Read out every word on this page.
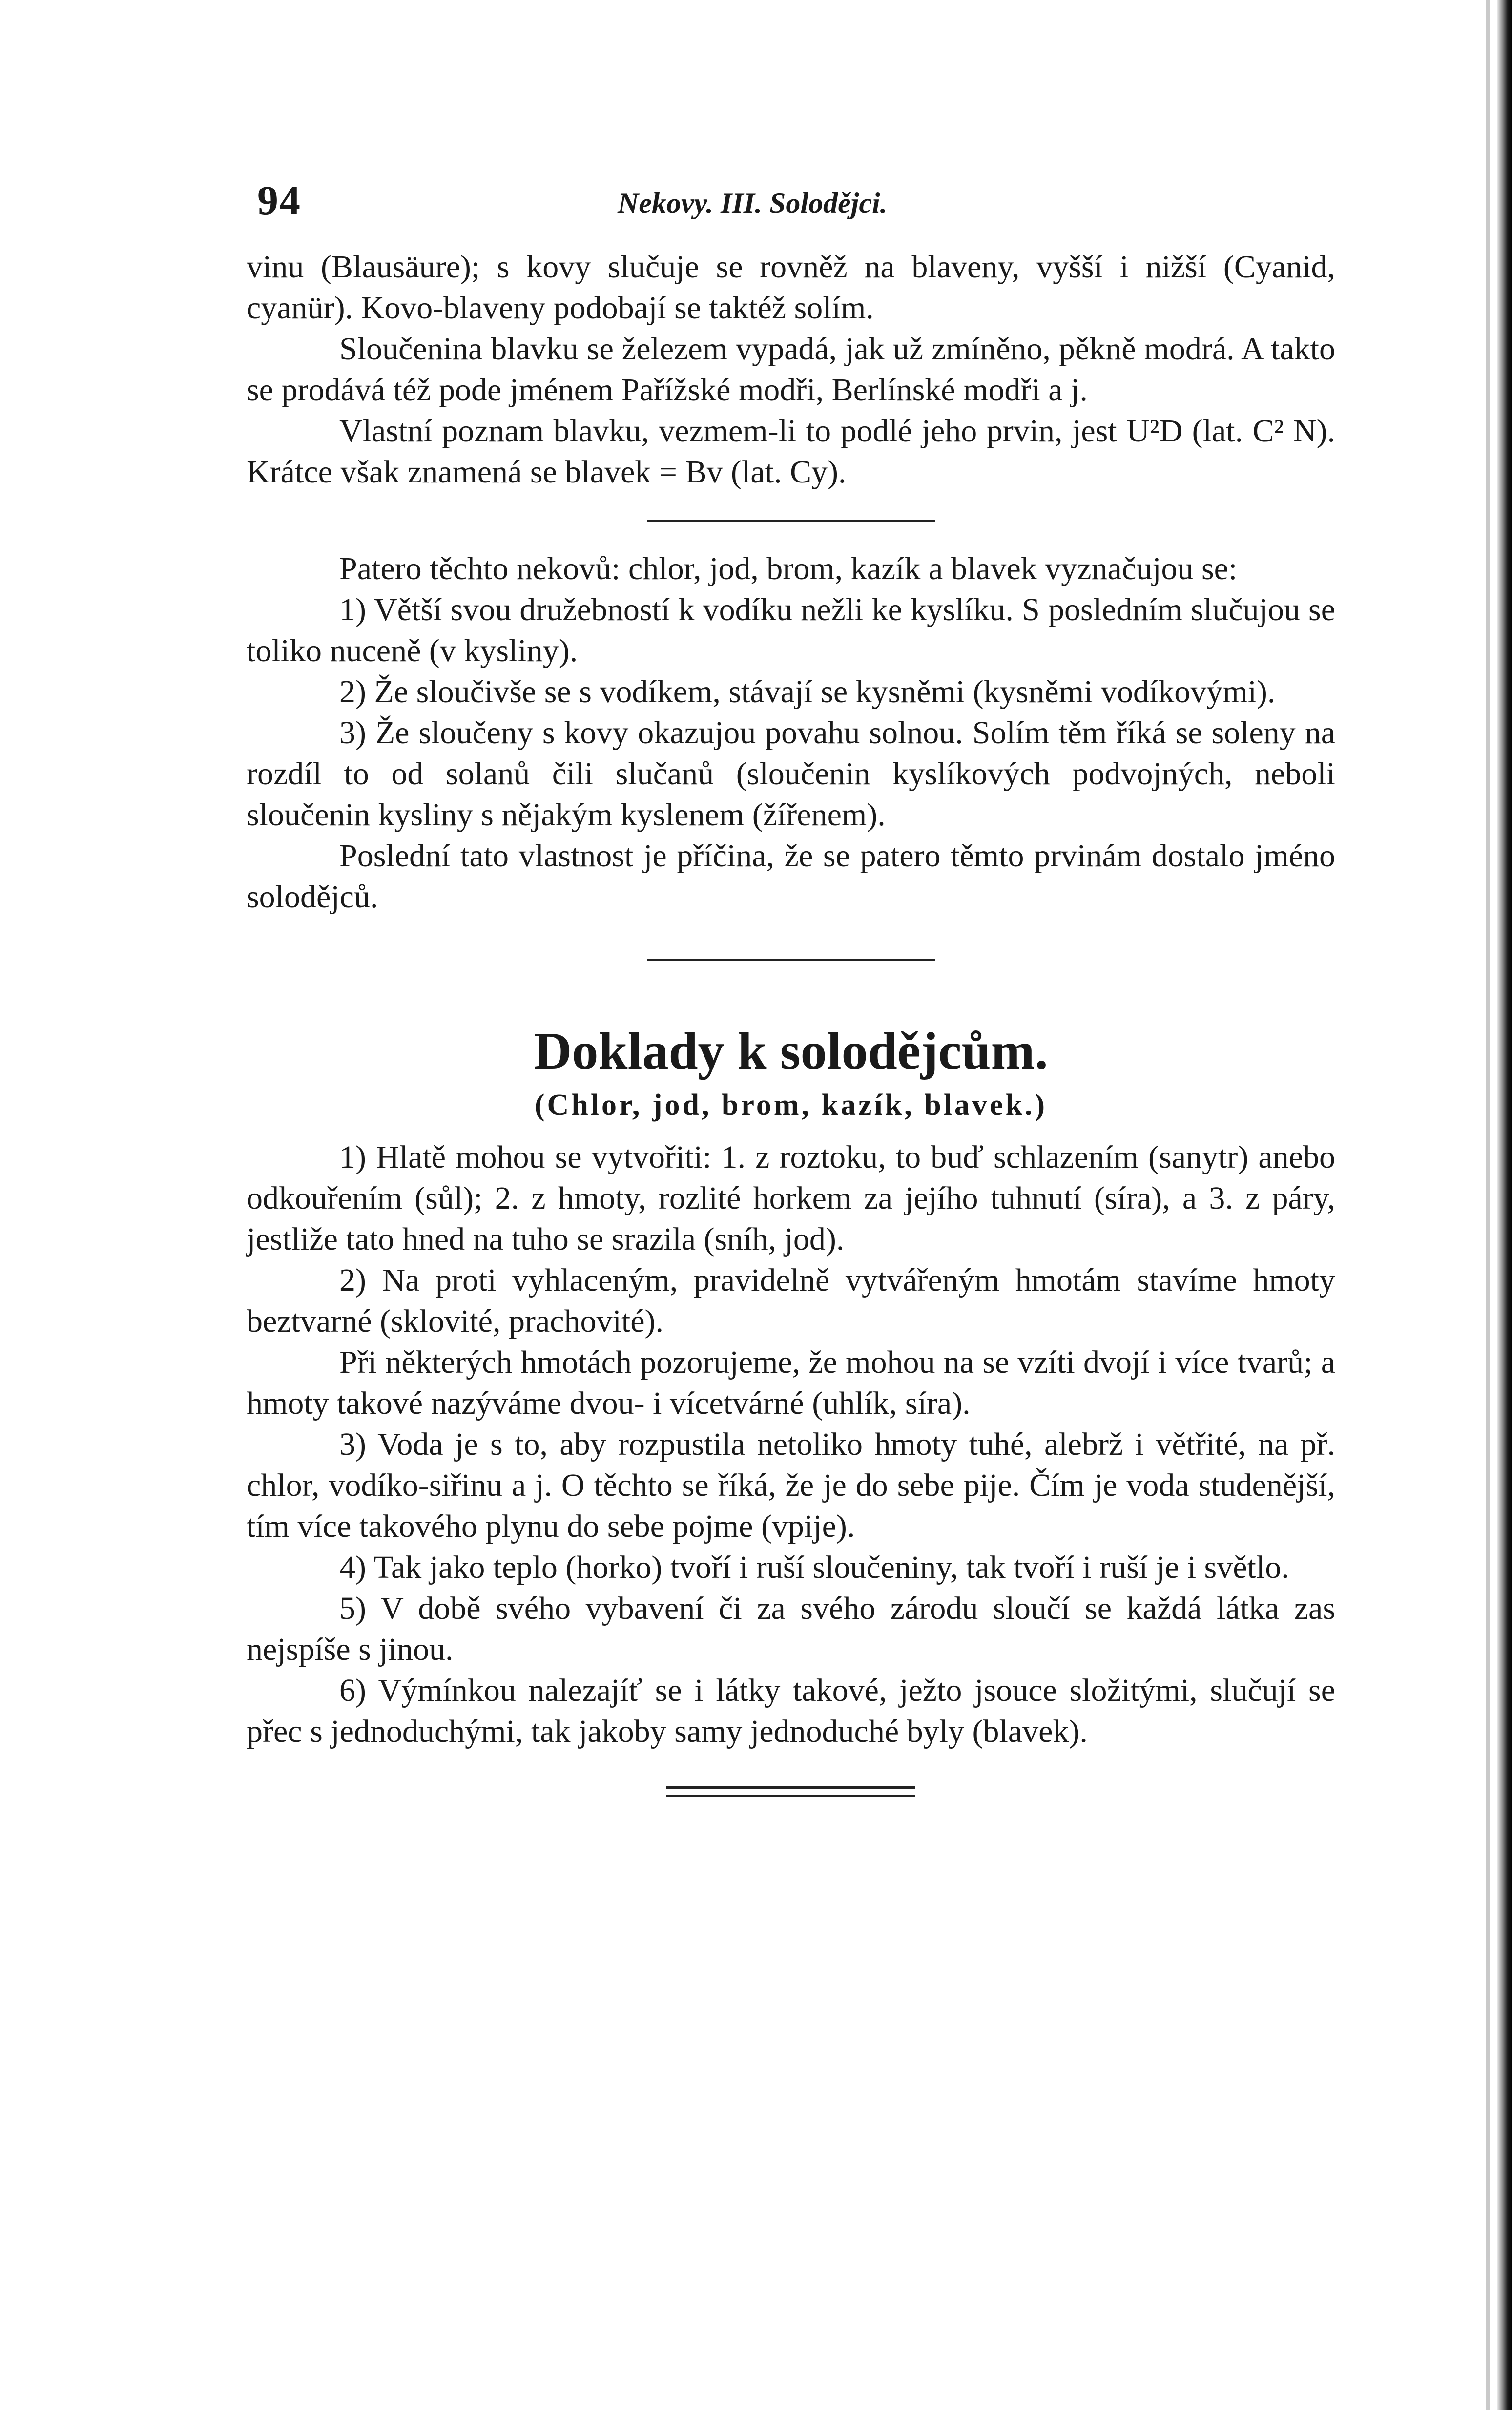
94	Nekovy. III. Solodějci.

vinu (Blausäure); s kovy slučuje se rovněž na blaveny, vyšší i nižší (Cyanid, cyanür). Kovo-blaveny podobají se taktéž solím.

Sloučenina blavku se železem vypadá, jak už zmíněno, pěkně modrá. A takto se prodává též pode jménem Pařížské modři, Berlínské modři a j.

Vlastní poznam blavku, vezmem-li to podlé jeho prvin, jest U²D (lat. C² N). Krátce však znamená se blavek = Bv (lat. Cy).

Patero těchto nekovů: chlor, jod, brom, kazík a blavek vyznačujou se:

1) Větší svou družebností k vodíku nežli ke kyslíku. S posledním slučujou se toliko nuceně (v kysliny).

2) Že sloučivše se s vodíkem, stávají se kysněmi (kysněmi vodíkovými).

3) Že sloučeny s kovy okazujou povahu solnou. Solím těm říká se soleny na rozdíl to od solanů čili slučanů (sloučenin kyslíkových podvojných, neboli sloučenin kysliny s nějakým kyslenem (žířenem).

Poslední tato vlastnost je příčina, že se patero těmto prvinám dostalo jméno solodějců.

Doklady k solodějcům.

(Chlor, jod, brom, kazík, blavek.)

1) Hlatě mohou se vytvořiti: 1. z roztoku, to buď schlazením (sanytr) anebo odkouřením (sůl); 2. z hmoty, rozlité horkem za jejího tuhnutí (síra), a 3. z páry, jestliže tato hned na tuho se srazila (sníh, jod).

2) Na proti vyhlaceným, pravidelně vytvářeným hmotám stavíme hmoty beztvarné (sklovité, prachovité).

Při některých hmotách pozorujeme, že mohou na se vzíti dvojí i více tvarů; a hmoty takové nazýváme dvou- i vícetvárné (uhlík, síra).

3) Voda je s to, aby rozpustila netoliko hmoty tuhé, alebrž i větřité, na př. chlor, vodíko-siřinu a j. O těchto se říká, že je do sebe pije. Čím je voda studenější, tím více takového plynu do sebe pojme (vpije).

4) Tak jako teplo (horko) tvoří i ruší sloučeniny, tak tvoří i ruší je i světlo.

5) V době svého vybavení či za svého zárodu sloučí se každá látka zas nejspíše s jinou.

6) Výmínkou nalezajíť se i látky takové, ježto jsouce složitými, slučují se přec s jednoduchými, tak jakoby samy jednoduché byly (blavek).
